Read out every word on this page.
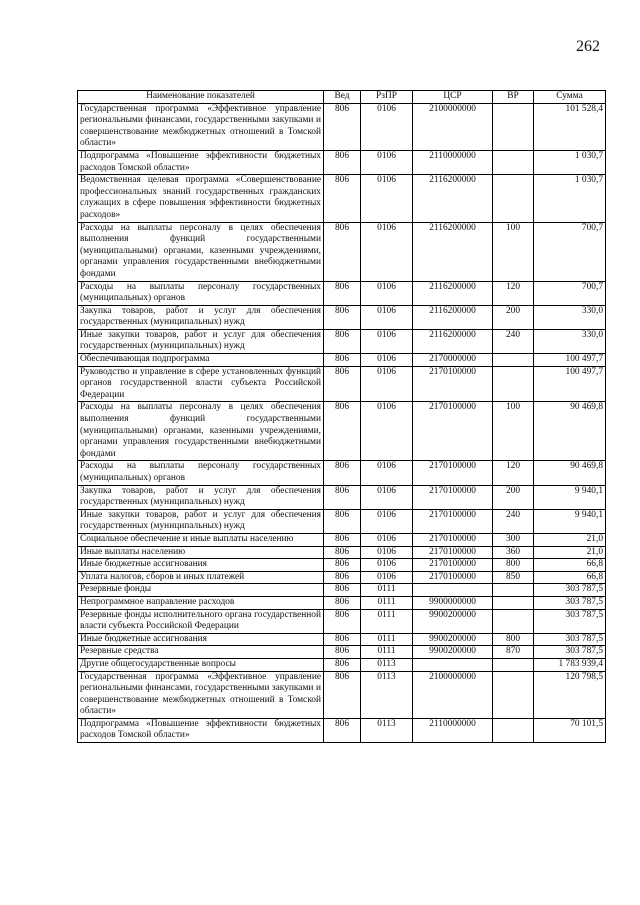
262
Наименование показателей	Вед	РзПР	ЦСР	ВР	Сумма
Государственная программа «Эффективное управление региональными финансами, государственными закупками и совершенствование межбюджетных отношений в Томской области»	806	0106	2100000000		101 528,4
Подпрограмма «Повышение эффективности бюджетных расходов Томской области»	806	0106	2110000000		1 030,7
Ведомственная целевая программа «Совершенствование профессиональных знаний государственных гражданских служащих в сфере повышения эффективности бюджетных расходов»	806	0106	2116200000		1 030,7
Расходы на выплаты персоналу в целях обеспечения выполнения функций государственными (муниципальными) органами, казенными учреждениями, органами управления государственными внебюджетными фондами	806	0106	2116200000	100	700,7
Расходы на выплаты персоналу государственных (муниципальных) органов	806	0106	2116200000	120	700,7
Закупка товаров, работ и услуг для обеспечения государственных (муниципальных) нужд	806	0106	2116200000	200	330,0
Иные закупки товаров, работ и услуг для обеспечения государственных (муниципальных) нужд	806	0106	2116200000	240	330,0
Обеспечивающая подпрограмма	806	0106	2170000000		100 497,7
Руководство и управление в сфере установленных функций органов государственной власти субъекта Российской Федерации	806	0106	2170100000		100 497,7
Расходы на выплаты персоналу в целях обеспечения выполнения функций государственными (муниципальными) органами, казенными учреждениями, органами управления государственными внебюджетными фондами	806	0106	2170100000	100	90 469,8
Расходы на выплаты персоналу государственных (муниципальных) органов	806	0106	2170100000	120	90 469,8
Закупка товаров, работ и услуг для обеспечения государственных (муниципальных) нужд	806	0106	2170100000	200	9 940,1
Иные закупки товаров, работ и услуг для обеспечения государственных (муниципальных) нужд	806	0106	2170100000	240	9 940,1
Социальное обеспечение и иные выплаты населению	806	0106	2170100000	300	21,0
Иные выплаты населению	806	0106	2170100000	360	21,0
Иные бюджетные ассигнования	806	0106	2170100000	800	66,8
Уплата налогов, сборов и иных платежей	806	0106	2170100000	850	66,8
Резервные фонды	806	0111			303 787,5
Непрограммное направление расходов	806	0111	9900000000		303 787,5
Резервные фонды исполнительного органа государственной власти субъекта Российской Федерации	806	0111	9900200000		303 787,5
Иные бюджетные ассигнования	806	0111	9900200000	800	303 787,5
Резервные средства	806	0111	9900200000	870	303 787,5
Другие общегосударственные вопросы	806	0113			1 783 939,4
Государственная программа «Эффективное управление региональными финансами, государственными закупками и совершенствование межбюджетных отношений в Томской области»	806	0113	2100000000		120 798,5
Подпрограмма «Повышение эффективности бюджетных расходов Томской области»	806	0113	2110000000		70 101,5
